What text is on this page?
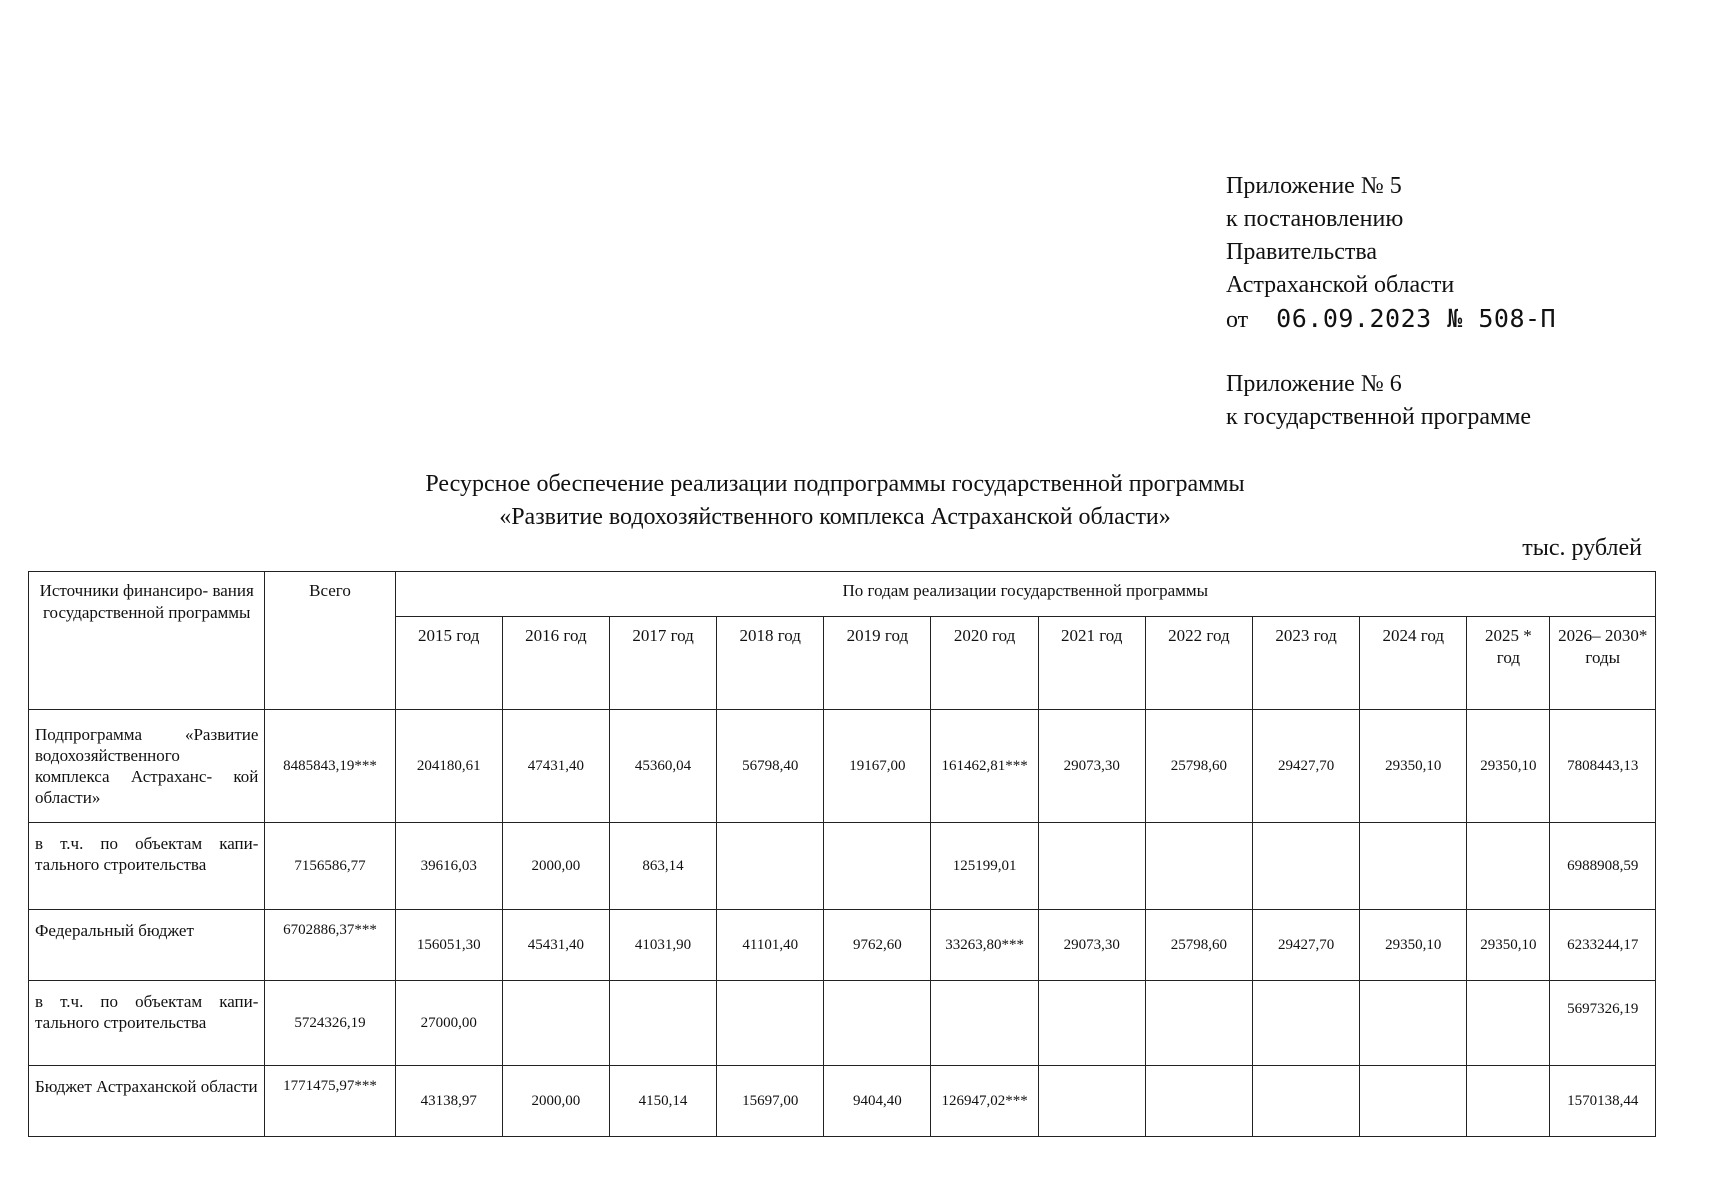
Приложение № 5
к постановлению
Правительства
Астраханской области
от 06.09.2023 № 508-П
Приложение № 6
к государственной программе
Ресурсное обеспечение реализации подпрограммы государственной программы
«Развитие водохозяйственного комплекса Астраханской области»
тыс. рублей
Источники финансиро- вания государственной программы	Всего	По годам реализации государственной программы											
		2015 год	2016 год	2017 год	2018 год	2019 год	2020 год	2021 год	2022 год	2023 год	2024 год	2025 * год	2026– 2030* годы
Подпрограмма «Развитие водохозяйственного комплекса Астраханс- кой области»	8485843,19***	204180,61	47431,40	45360,04	56798,40	19167,00	161462,81***	29073,30	25798,60	29427,70	29350,10	29350,10	7808443,13
в т.ч. по объектам капи- тального строительства	7156586,77	39616,03	2000,00	863,14			125199,01						6988908,59
Федеральный бюджет	6702886,37***	156051,30	45431,40	41031,90	41101,40	9762,60	33263,80***	29073,30	25798,60	29427,70	29350,10	29350,10	6233244,17
в т.ч. по объектам капи- тального строительства	5724326,19	27000,00											5697326,19
Бюджет Астраханской области	1771475,97***	43138,97	2000,00	4150,14	15697,00	9404,40	126947,02***						1570138,44
